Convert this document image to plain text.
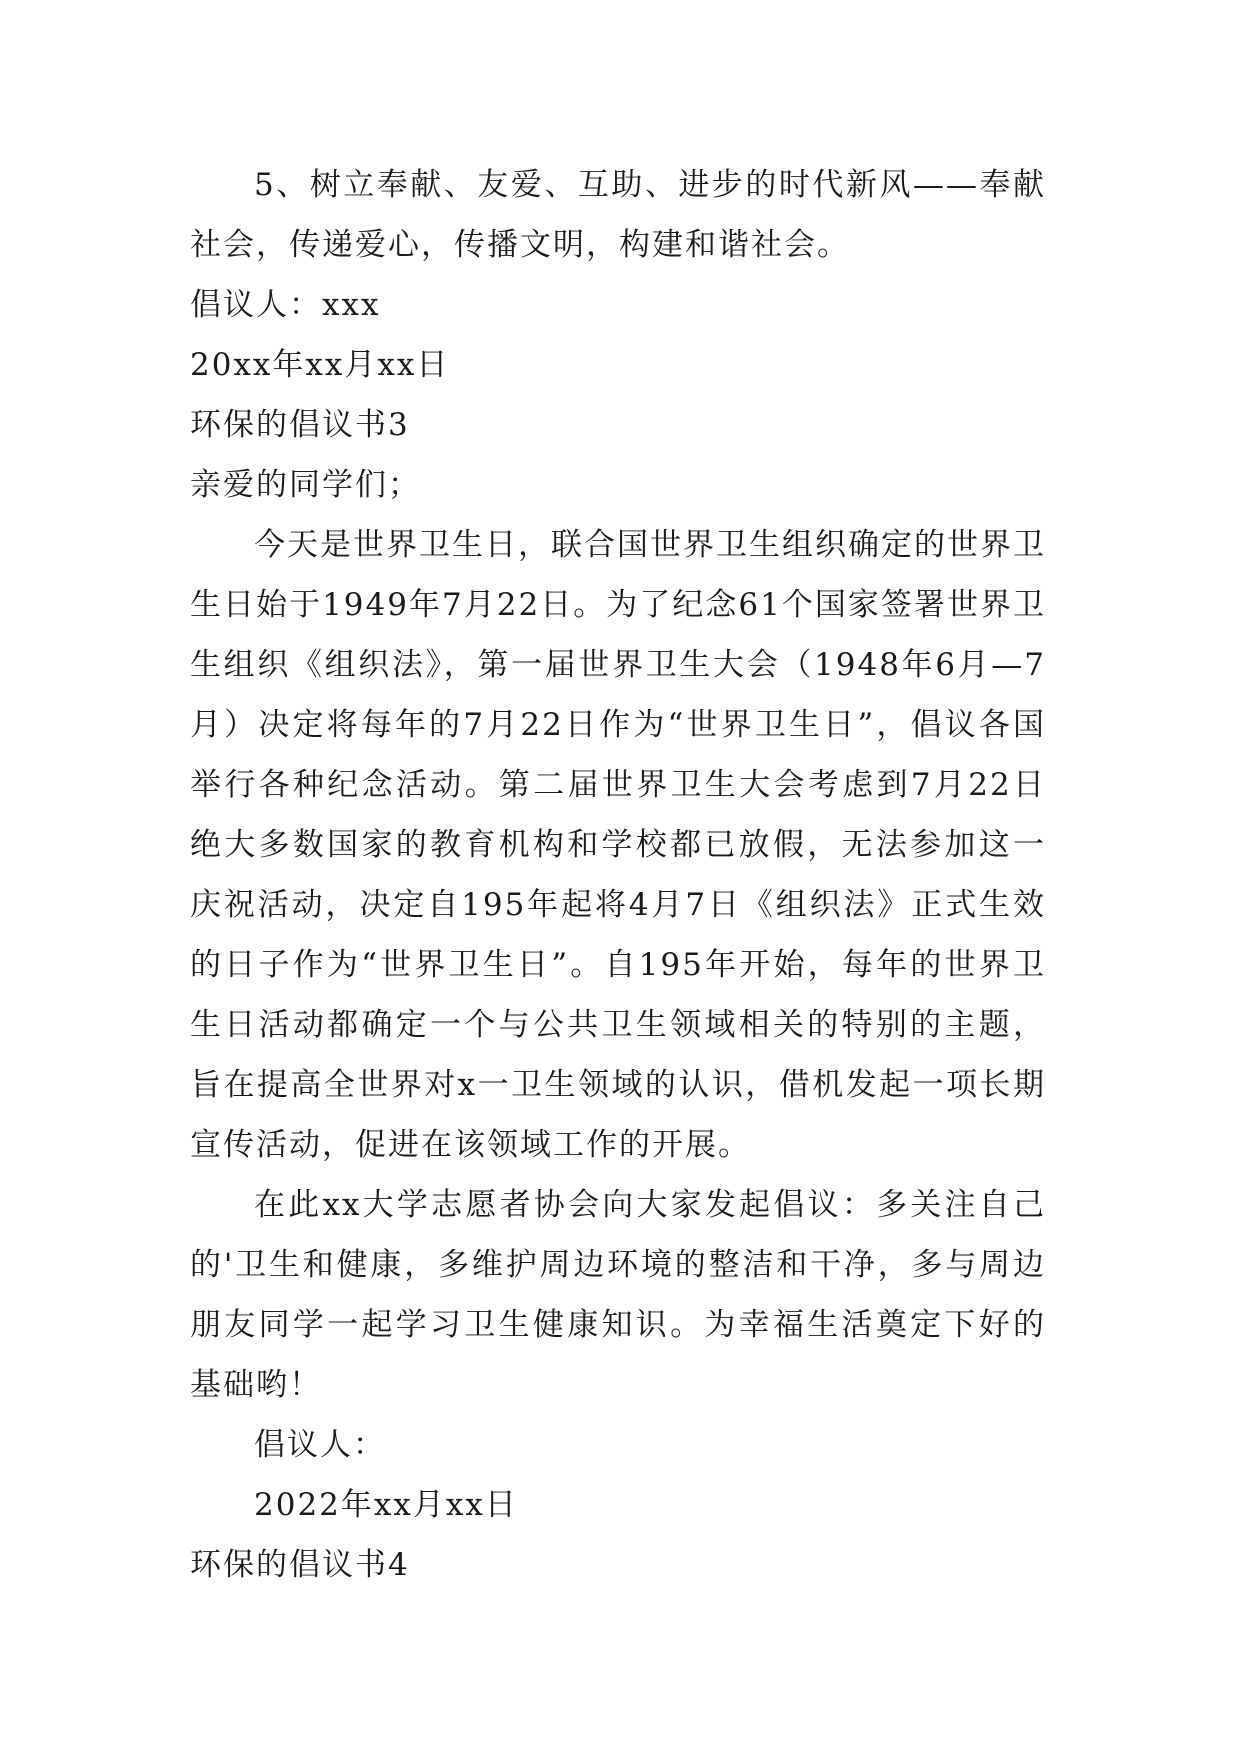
5、树立奉献、友爱、互助、进步的时代新风——奉献社会，传递爱心，传播文明，构建和谐社会。
倡议人：xxx
20xx年xx月xx日
环保的倡议书3
亲爱的同学们；
今天是世界卫生日，联合国世界卫生组织确定的世界卫生日始于1949年7月22日。为了纪念61个国家签署世界卫生组织《组织法》，第一届世界卫生大会（1948年6月—7月）决定将每年的7月22日作为“世界卫生日”，倡议各国举行各种纪念活动。第二届世界卫生大会考虑到7月22日绝大多数国家的教育机构和学校都已放假，无法参加这一庆祝活动，决定自195年起将4月7日《组织法》正式生效的日子作为“世界卫生日”。自195年开始，每年的世界卫生日活动都确定一个与公共卫生领域相关的特别的主题，旨在提高全世界对x一卫生领域的认识，借机发起一项长期宣传活动，促进在该领域工作的开展。
在此xx大学志愿者协会向大家发起倡议：多关注自己的'卫生和健康，多维护周边环境的整洁和干净，多与周边朋友同学一起学习卫生健康知识。为幸福生活奠定下好的基础哟！
倡议人：
2022年xx月xx日
环保的倡议书4
